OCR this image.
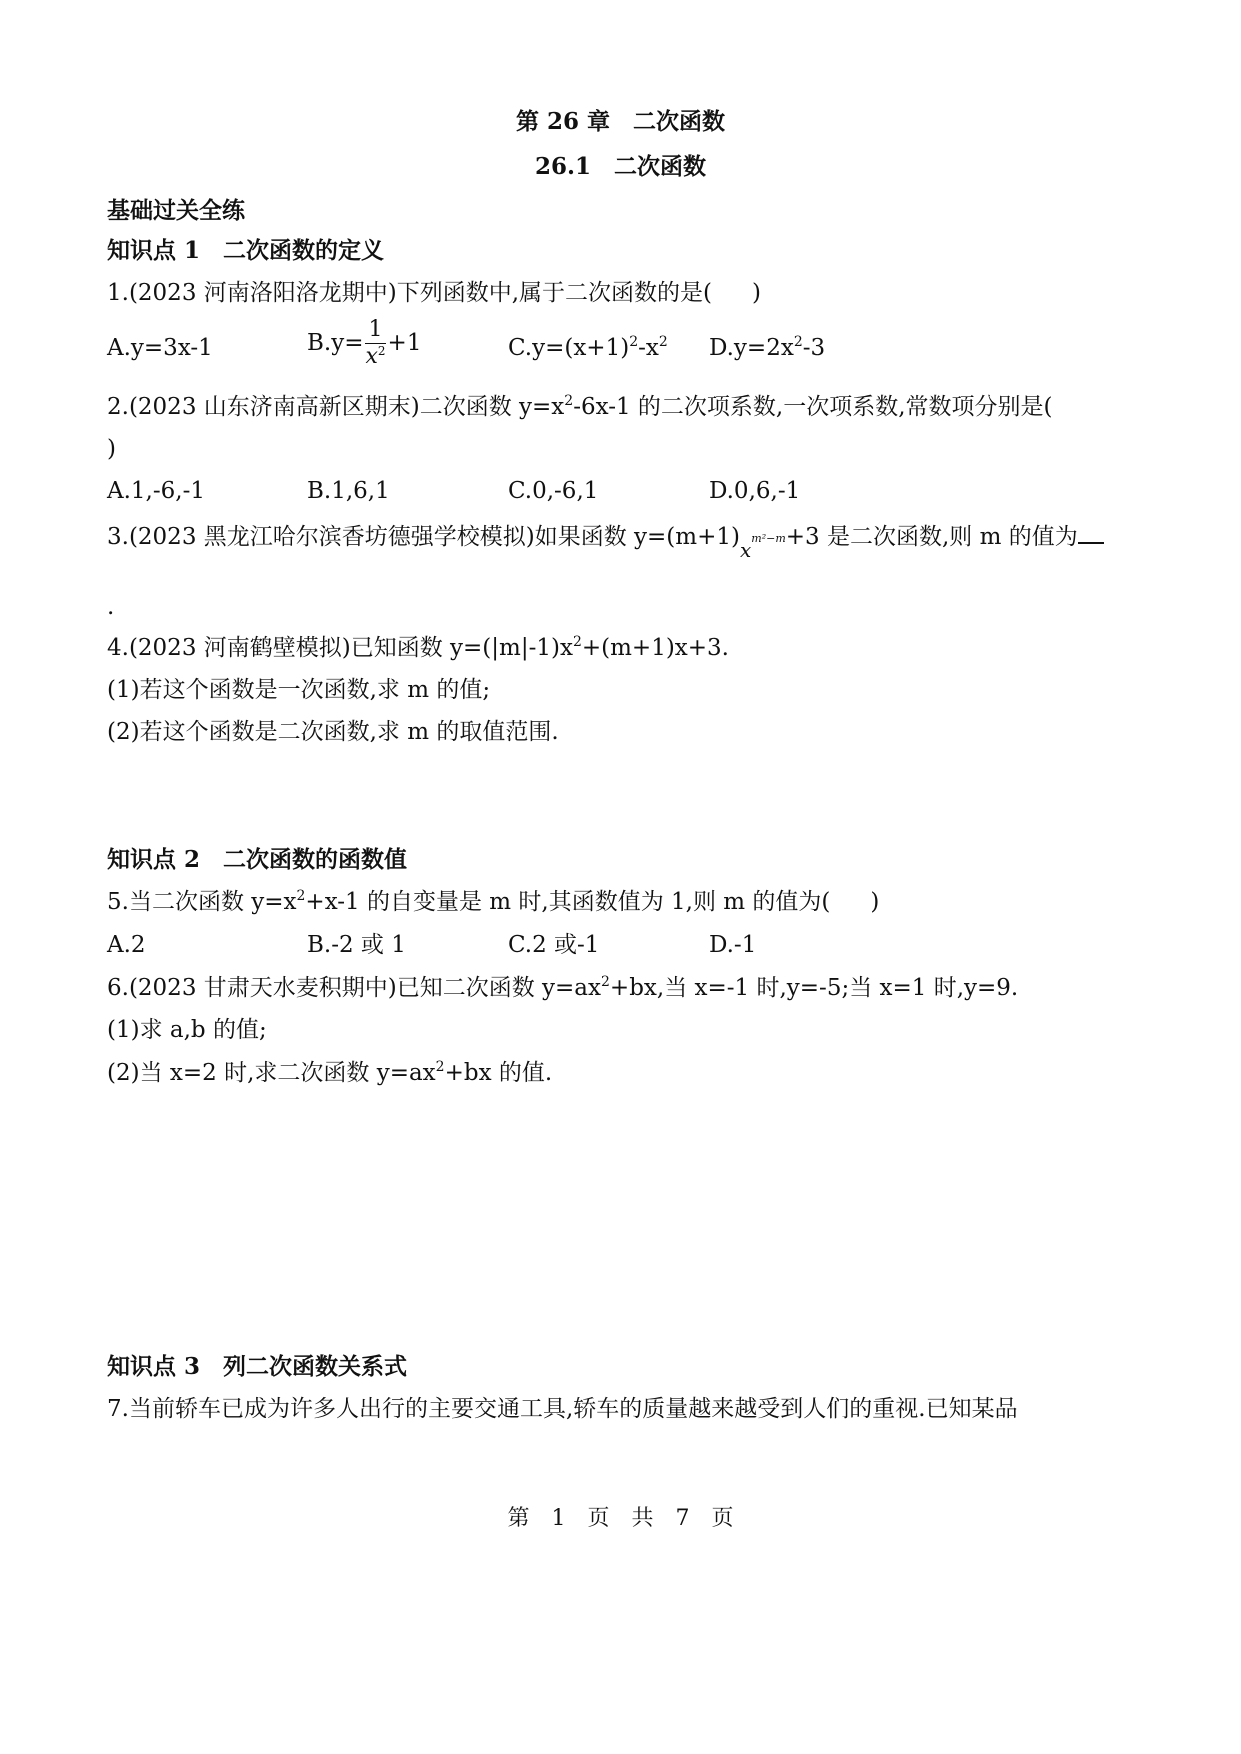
第 26 章　二次函数
26.1　二次函数
基础过关全练
知识点 1　二次函数的定义
1.(2023 河南洛阳洛龙期中)下列函数中,属于二次函数的是( )
A.y=3x-1	$B.y= \frac{1}{x^2} +1$	$C.y=(x+1)^2-x^2$ $D.y=2x^2-3$
2.(2023 山东济南高新区期末)二次函数 $y=x^2-6x-1$ 的二次项系数,一次项系数,常数项分别是(
)
A.1,-6,-1	B.1,6,1	C.0,-6,1	D.0,6,-1
3.(2023 黑龙江哈尔滨香坊德强学校模拟)如果函数 y=(m+1)xm²−m+3 是二次函数,则 m 的值为
.
4.(2023 河南鹤壁模拟)已知函数 $y=(|m|-1)x^2+(m+1)x+3$.
(1)若这个函数是一次函数,求 m 的值;
(2)若这个函数是二次函数,求 m 的取值范围.
知识点 2　二次函数的函数值
5.当二次函数 $y=x^2+x-1$ 的自变量是 m 时,其函数值为 1,则 m 的值为( )
A.2	B.-2 或 1	C.2 或-1	D.-1
6.(2023 甘肃天水麦积期中)已知二次函数 $y=ax^2+bx$,当 x=-1 时,y=-5;当 x=1 时,y=9.
(1)求 a,b 的值;
(2)当 x=2 时,求二次函数 $y=ax^2+bx$ 的值.
知识点 3　列二次函数关系式
7.当前轿车已成为许多人出行的主要交通工具,轿车的质量越来越受到人们的重视.已知某品
第　1　页　共　7　页
